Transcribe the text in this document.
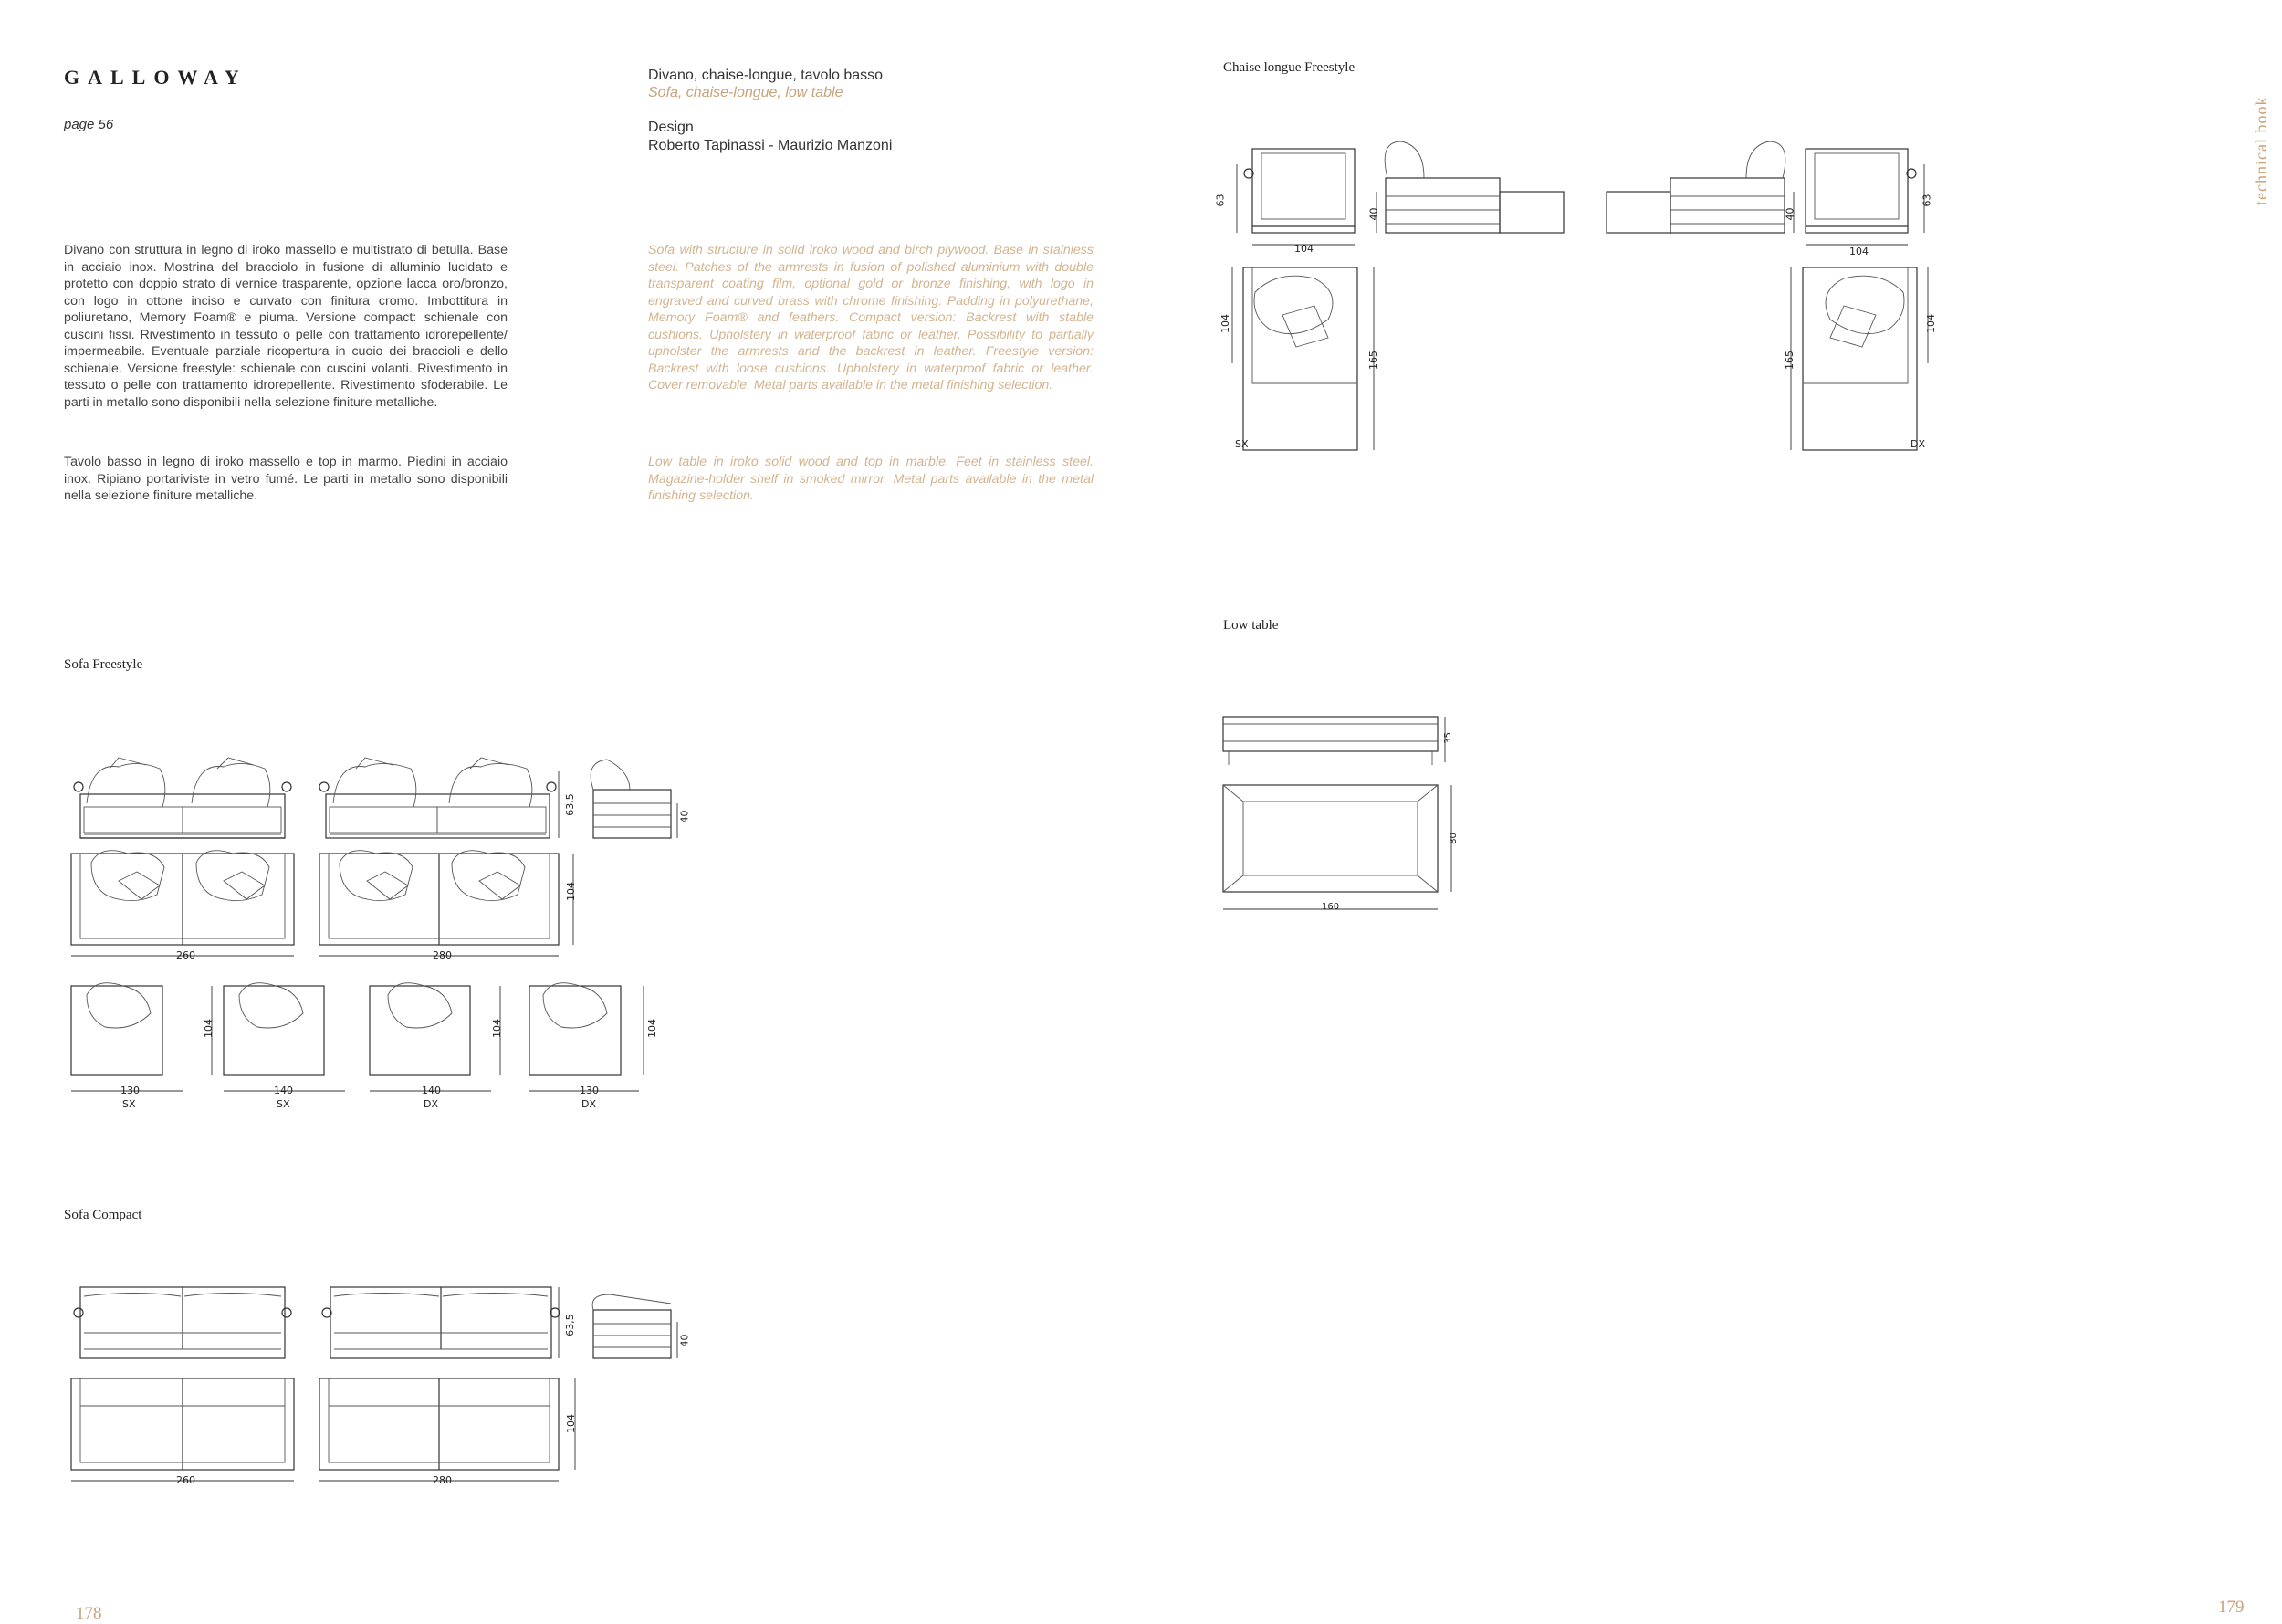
GALLOWAY
page 56
Divano, chaise-longue, tavolo basso
Sofa, chaise-longue, low table
Design
Roberto Tapinassi - Maurizio Manzoni
Divano con struttura in legno di iroko massello e multistrato di betulla. Base in acciaio inox. Mostrina del bracciolo in fusione di alluminio lucidato e protetto con doppio strato di vernice trasparente, opzione lacca oro/bronzo, con logo in ottone inciso e curvato con finitura cromo. Imbottitura in poliuretano, Memory Foam® e piuma. Versione compact: schienale con cuscini fissi. Rivestimento in tessuto o pelle con trattamento idrorepellente/ impermeabile. Eventuale parziale ricopertura in cuoio dei braccioli e dello schienale. Versione freestyle: schienale con cuscini volanti. Rivestimento in tessuto o pelle con trattamento idrorepellente. Rivestimento sfoderabile. Le parti in metallo sono disponibili nella selezione finiture metalliche.
Tavolo basso in legno di iroko massello e top in marmo. Piedini in acciaio inox. Ripiano portariviste in vetro fumé. Le parti in metallo sono disponibili nella selezione finiture metalliche.
Sofa with structure in solid iroko wood and birch plywood. Base in stainless steel. Patches of the armrests in fusion of polished aluminium with double transparent coating film, optional gold or bronze finishing, with logo in engraved and curved brass with chrome finishing. Padding in polyurethane, Memory Foam® and feathers. Compact version: Backrest with stable cushions. Upholstery in waterproof fabric or leather. Possibility to partially upholster the armrests and the backrest in leather. Freestyle version: Backrest with loose cushions. Upholstery in waterproof fabric or leather. Cover removable. Metal parts available in the metal finishing selection.
Low table in iroko solid wood and top in marble. Feet in stainless steel. Magazine-holder shelf in smoked mirror. Metal parts available in the metal finishing selection.
Sofa Freestyle
Sofa Compact
Chaise longue Freestyle
Low table
178	179
technical book
260	280
63,5
104
40
130	140	140	130
SX	SX	DX	DX
104	104	104
260	280
63,5
104
40
63
40
104
104
165
SX
40
63
104
104
165
DX
35
80
160
